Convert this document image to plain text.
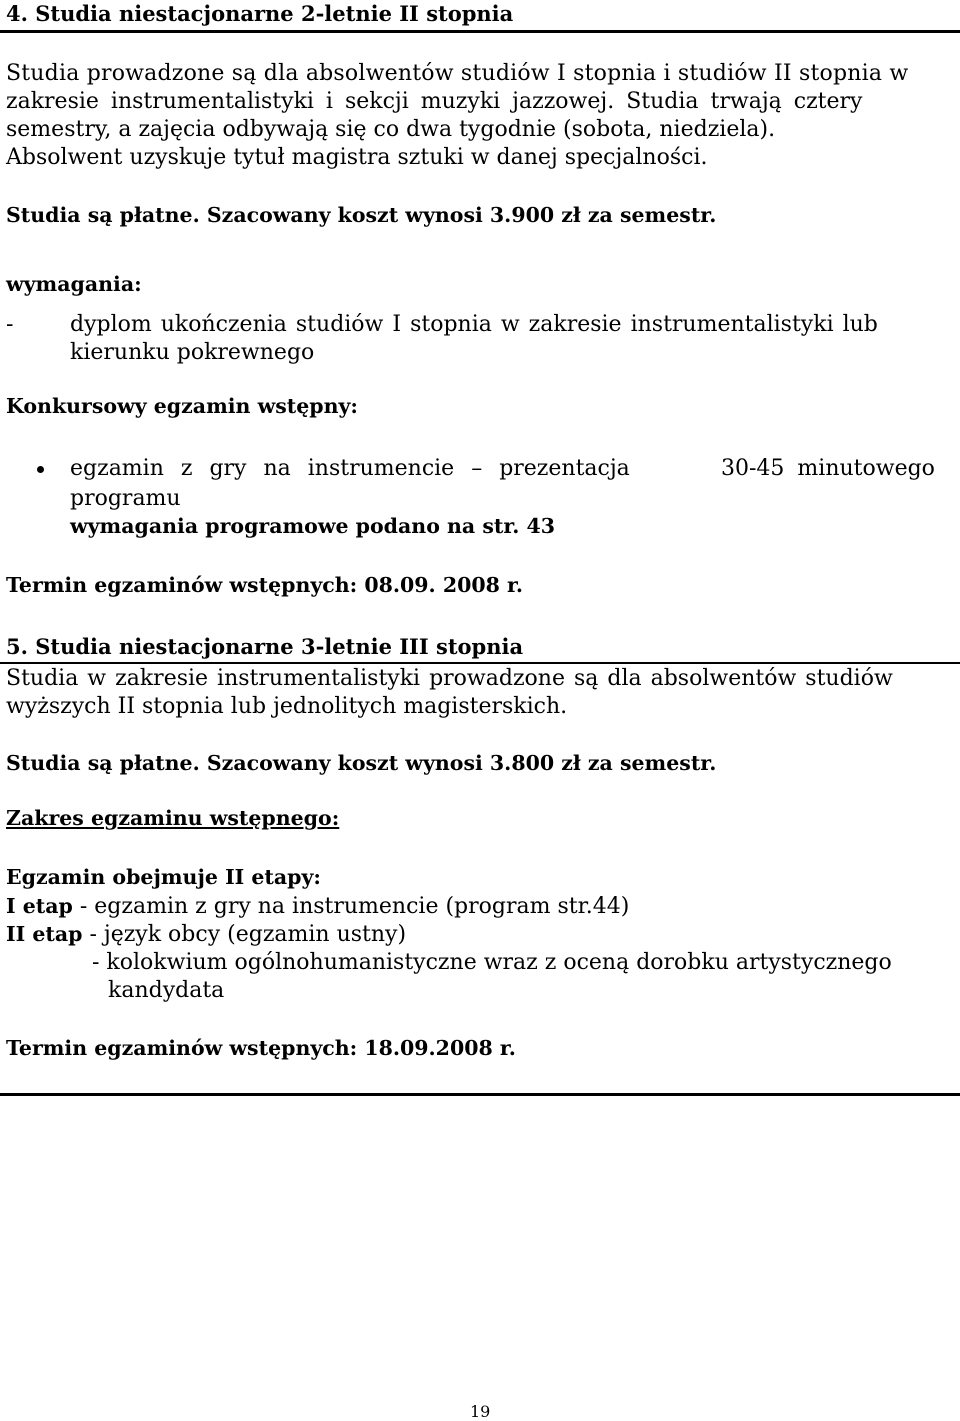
4. Studia niestacjonarne 2-letnie II stopnia
Studia prowadzone są dla absolwentów studiów I stopnia i studiów II stopnia w
zakresie instrumentalistyki i sekcji muzyki jazzowej. Studia trwają cztery
semestry, a zajęcia odbywają się co dwa tygodnie (sobota, niedziela).
Absolwent uzyskuje tytuł magistra sztuki w danej specjalności.
Studia są płatne. Szacowany koszt wynosi 3.900 zł za semestr.
wymagania:
-	dyplom ukończenia studiów I stopnia w zakresie instrumentalistyki lub
kierunku pokrewnego
Konkursowy egzamin wstępny:
egzamin z gry na instrumencie – prezentacja	30-45 minutowego
programu
wymagania programowe podano na str. 43
Termin egzaminów wstępnych: 08.09. 2008 r.
5. Studia niestacjonarne 3-letnie III stopnia
Studia w zakresie instrumentalistyki prowadzone są dla absolwentów studiów
wyższych II stopnia lub jednolitych magisterskich.
Studia są płatne. Szacowany koszt wynosi 3.800 zł za semestr.
Zakres egzaminu wstępnego:
Egzamin obejmuje II etapy:
I etap - egzamin z gry na instrumencie (program str.44)
II etap - język obcy (egzamin ustny)
- kolokwium ogólnohumanistyczne wraz z oceną dorobku artystycznego
kandydata
Termin egzaminów wstępnych: 18.09.2008 r.
19
